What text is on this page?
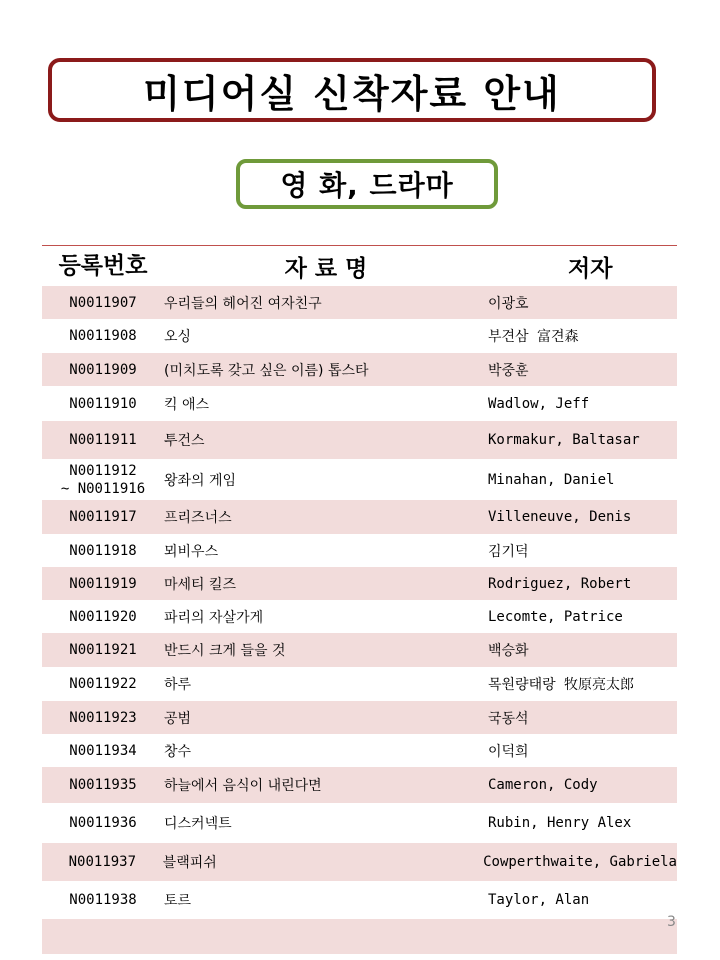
미디어실 신착자료 안내
영 화, 드라마
등록번호	자 료 명	저자
N0011907	우리들의 헤어진 여자친구	이광호
N0011908	오싱	부견삼 富견森
N0011909	(미치도록 갖고 싶은 이름) 톱스타	박중훈
N0011910	킥 애스	Wadlow, Jeff
N0011911	투건스	Kormakur, Baltasar
N0011912
~ N0011916	왕좌의 게임	Minahan, Daniel
N0011917	프리즈너스	Villeneuve, Denis
N0011918	뫼비우스	김기덕
N0011919	마세티 킬즈	Rodriguez, Robert
N0011920	파리의 자살가게	Lecomte, Patrice
N0011921	반드시 크게 들을 것	백승화
N0011922	하루	목원량태랑 牧原亮太郎
N0011923	공범	국동석
N0011934	창수	이덕희
N0011935	하늘에서 음식이 내린다면	Cameron, Cody
N0011936	디스커넥트	Rubin, Henry Alex
N0011937	블랙피쉬	Cowperthwaite, Gabriela
N0011938	토르	Taylor, Alan
3
